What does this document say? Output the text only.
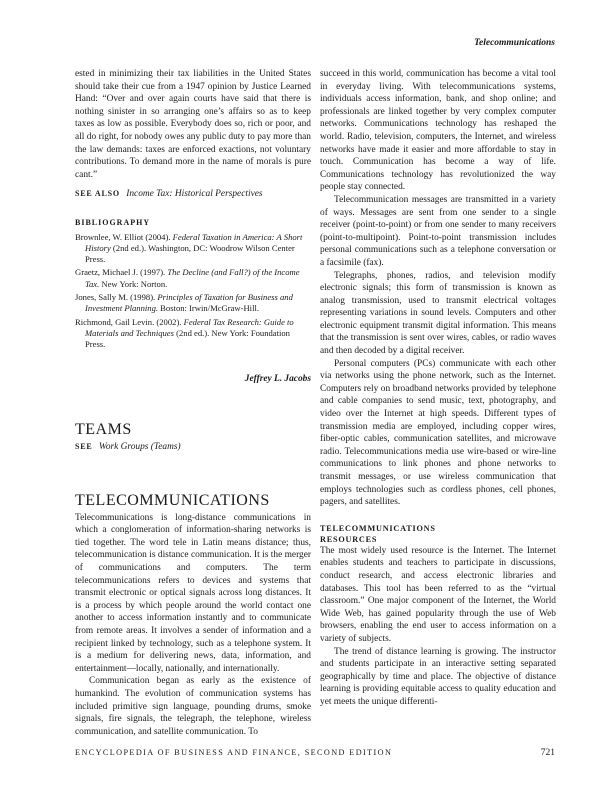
Telecommunications

ested in minimizing their tax liabilities in the United States should take their cue from a 1947 opinion by Justice Learned Hand: “Over and over again courts have said that there is nothing sinister in so arranging one’s affairs so as to keep taxes as low as possible. Everybody does so, rich or poor, and all do right, for nobody owes any public duty to pay more than the law demands: taxes are enforced exactions, not voluntary contributions. To demand more in the name of morals is pure cant.”

SEE ALSO Income Tax: Historical Perspectives
BIBLIOGRAPHY
Brownlee, W. Elliot (2004). Federal Taxation in America: A Short History (2nd ed.). Washington, DC: Woodrow Wilson Center Press.
Graetz, Michael J. (1997). The Decline (and Fall?) of the Income Tax. New York: Norton.
Jones, Sally M. (1998). Principles of Taxation for Business and Investment Planning. Boston: Irwin/McGraw-Hill.
Richmond, Gail Levin. (2002). Federal Tax Research: Guide to Materials and Techniques (2nd ed.). New York: Foundation Press.
Jeffrey L. Jacobs
TEAMS
SEE Work Groups (Teams)
TELECOMMUNICATIONS

Telecommunications is long-distance communications in which a conglomeration of information-sharing networks is tied together. The word tele in Latin means distance; thus, telecommunication is distance communication. It is the merger of communications and computers. The term telecommunications refers to devices and systems that transmit electronic or optical signals across long distances. It is a process by which people around the world contact one another to access information instantly and to communicate from remote areas. It involves a sender of information and a recipient linked by technology, such as a telephone system. It is a medium for delivering news, data, information, and entertainment—locally, nationally, and internationally.

Communication began as early as the existence of humankind. The evolution of communication systems has included primitive sign language, pounding drums, smoke signals, fire signals, the telegraph, the telephone, wireless communication, and satellite communication. To

succeed in this world, communication has become a vital tool in everyday living. With telecommunications systems, individuals access information, bank, and shop online; and professionals are linked together by very complex computer networks. Communications technology has reshaped the world. Radio, television, computers, the Internet, and wireless networks have made it easier and more affordable to stay in touch. Communication has become a way of life. Communications technology has revolutionized the way people stay connected.

Telecommunication messages are transmitted in a variety of ways. Messages are sent from one sender to a single receiver (point-to-point) or from one sender to many receivers (point-to-multipoint). Point-to-point transmission includes personal communications such as a telephone conversation or a facsimile (fax).

Telegraphs, phones, radios, and television modify electronic signals; this form of transmission is known as analog transmission, used to transmit electrical voltages representing variations in sound levels. Computers and other electronic equipment transmit digital information. This means that the transmission is sent over wires, cables, or radio waves and then decoded by a digital receiver.

Personal computers (PCs) communicate with each other via networks using the phone network, such as the Internet. Computers rely on broadband networks provided by telephone and cable companies to send music, text, photography, and video over the Internet at high speeds. Different types of transmission media are employed, including copper wires, fiber-optic cables, communication satellites, and microwave radio. Telecommunications media use wire-based or wire-line communications to link phones and phone networks to transmit messages, or use wireless communication that employs technologies such as cordless phones, cell phones, pagers, and satellites.

TELECOMMUNICATIONS
RESOURCES

The most widely used resource is the Internet. The Internet enables students and teachers to participate in discussions, conduct research, and access electronic libraries and databases. This tool has been referred to as the “virtual classroom.” One major component of the Internet, the World Wide Web, has gained popularity through the use of Web browsers, enabling the end user to access information on a variety of subjects.

The trend of distance learning is growing. The instructor and students participate in an interactive setting separated geographically by time and place. The objective of distance learning is providing equitable access to quality education and yet meets the unique differenti-

ENCYCLOPEDIA OF BUSINESS AND FINANCE, SECOND EDITION	721
